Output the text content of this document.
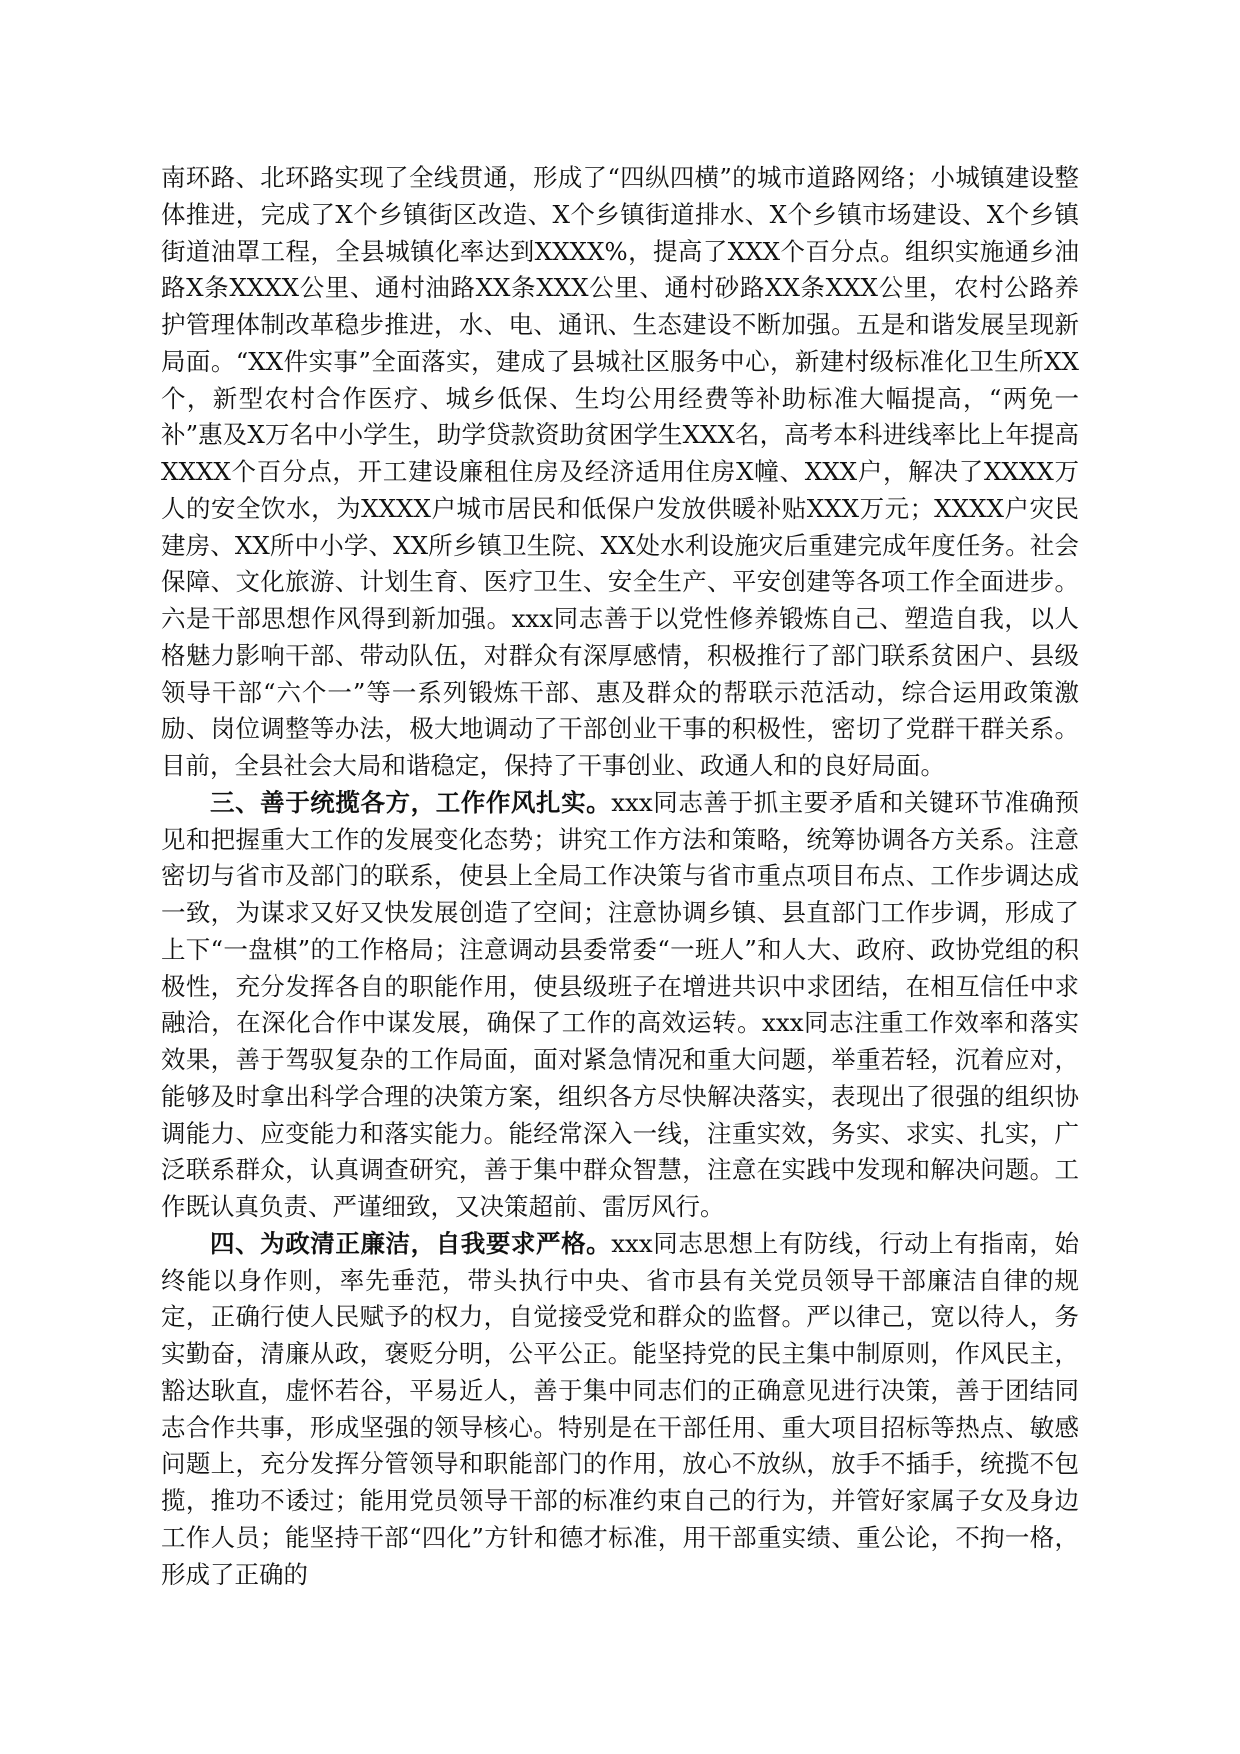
南环路、北环路实现了全线贯通，形成了“四纵四横”的城市道路网络；小城镇建设整体推进，完成了X个乡镇街区改造、X个乡镇街道排水、X个乡镇市场建设、X个乡镇街道油罩工程，全县城镇化率达到XXXX%，提高了XXX个百分点。组织实施通乡油路X条XXXX公里、通村油路XX条XXX公里、通村砂路XX条XXX公里，农村公路养护管理体制改革稳步推进，水、电、通讯、生态建设不断加强。五是和谐发展呈现新局面。“XX件实事”全面落实，建成了县城社区服务中心，新建村级标准化卫生所XX个，新型农村合作医疗、城乡低保、生均公用经费等补助标准大幅提高，“两免一补”惠及X万名中小学生，助学贷款资助贫困学生XXX名，高考本科进线率比上年提高XXXX个百分点，开工建设廉租住房及经济适用住房X幢、XXX户，解决了XXXX万人的安全饮水，为XXXX户城市居民和低保户发放供暖补贴XXX万元；XXXX户灾民建房、XX所中小学、XX所乡镇卫生院、XX处水利设施灾后重建完成年度任务。社会保障、文化旅游、计划生育、医疗卫生、安全生产、平安创建等各项工作全面进步。六是干部思想作风得到新加强。xxx同志善于以党性修养锻炼自己、塑造自我，以人格魅力影响干部、带动队伍，对群众有深厚感情，积极推行了部门联系贫困户、县级领导干部“六个一”等一系列锻炼干部、惠及群众的帮联示范活动，综合运用政策激励、岗位调整等办法，极大地调动了干部创业干事的积极性，密切了党群干群关系。目前，全县社会大局和谐稳定，保持了干事创业、政通人和的良好局面。

三、善于统揽各方，工作作风扎实。xxx同志善于抓主要矛盾和关键环节准确预见和把握重大工作的发展变化态势；讲究工作方法和策略，统筹协调各方关系。注意密切与省市及部门的联系，使县上全局工作决策与省市重点项目布点、工作步调达成一致，为谋求又好又快发展创造了空间；注意协调乡镇、县直部门工作步调，形成了上下“一盘棋”的工作格局；注意调动县委常委“一班人”和人大、政府、政协党组的积极性，充分发挥各自的职能作用，使县级班子在增进共识中求团结，在相互信任中求融洽，在深化合作中谋发展，确保了工作的高效运转。xxx同志注重工作效率和落实效果，善于驾驭复杂的工作局面，面对紧急情况和重大问题，举重若轻，沉着应对，能够及时拿出科学合理的决策方案，组织各方尽快解决落实，表现出了很强的组织协调能力、应变能力和落实能力。能经常深入一线，注重实效，务实、求实、扎实，广泛联系群众，认真调查研究，善于集中群众智慧，注意在实践中发现和解决问题。工作既认真负责、严谨细致，又决策超前、雷厉风行。

四、为政清正廉洁，自我要求严格。xxx同志思想上有防线，行动上有指南，始终能以身作则，率先垂范，带头执行中央、省市县有关党员领导干部廉洁自律的规定，正确行使人民赋予的权力，自觉接受党和群众的监督。严以律己，宽以待人，务实勤奋，清廉从政，褒贬分明，公平公正。能坚持党的民主集中制原则，作风民主，豁达耿直，虚怀若谷，平易近人，善于集中同志们的正确意见进行决策，善于团结同志合作共事，形成坚强的领导核心。特别是在干部任用、重大项目招标等热点、敏感问题上，充分发挥分管领导和职能部门的作用，放心不放纵，放手不插手，统揽不包揽，推功不诿过；能用党员领导干部的标准约束自己的行为，并管好家属子女及身边工作人员；能坚持干部“四化”方针和德才标准，用干部重实绩、重公论，不拘一格，形成了正确的
